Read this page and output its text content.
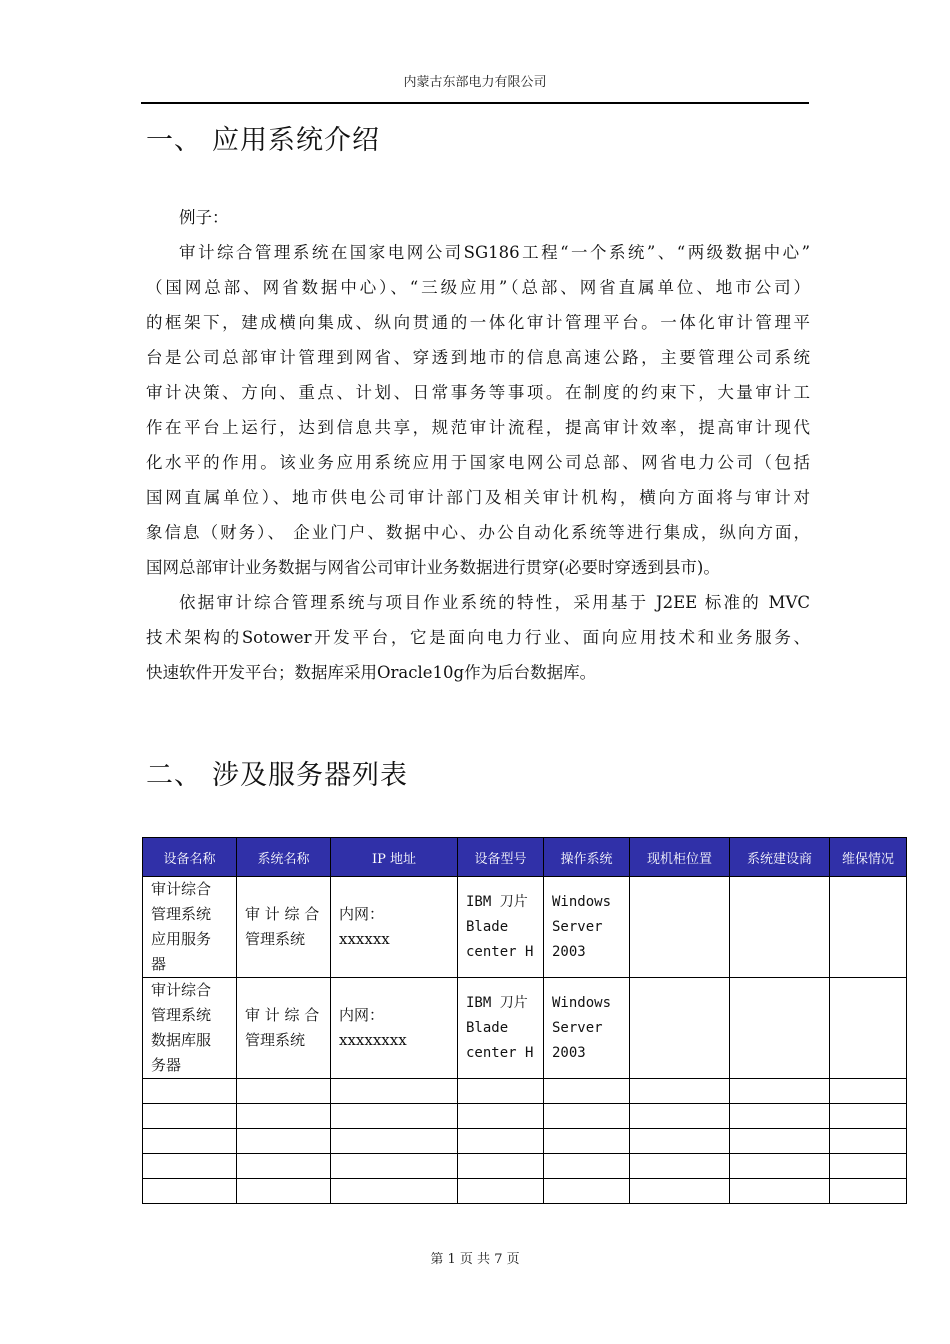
内蒙古东部电力有限公司
一、 应用系统介绍

例子：

审计综合管理系统在国家电网公司SG186工程“一个系统”、“两级数据中心”
（国网总部、网省数据中心）、“三级应用”（总部、网省直属单位、地市公司）
的框架下，建成横向集成、纵向贯通的一体化审计管理平台。一体化审计管理平
台是公司总部审计管理到网省、穿透到地市的信息高速公路，主要管理公司系统
审计决策、方向、重点、计划、日常事务等事项。在制度的约束下，大量审计工
作在平台上运行，达到信息共享，规范审计流程，提高审计效率，提高审计现代
化水平的作用。该业务应用系统应用于国家电网公司总部、网省电力公司（包括
国网直属单位）、地市供电公司审计部门及相关审计机构，横向方面将与审计对
象信息（财务）、 企业门户、数据中心、办公自动化系统等进行集成，纵向方面，
国网总部审计业务数据与网省公司审计业务数据进行贯穿(必要时穿透到县市)。
依据审计综合管理系统与项目作业系统的特性，采用基于 J2EE 标准的 MVC
技术架构的Sotower开发平台，它是面向电力行业、面向应用技术和业务服务、
快速软件开发平台；数据库采用Oracle10g作为后台数据库。
二、 涉及服务器列表
设备名称	系统名称	IP 地址	设备型号	操作系统	现机柜位置	系统建设商	维保情况
审计综合
管理系统
应用服务
器	审 计 综 合
管理系统	内网：
xxxxxx	IBM 刀片
Blade
center H	Windows
Server
2003			
审计综合
管理系统
数据库服
务器	审 计 综 合
管理系统	内网：
xxxxxxxx	IBM 刀片
Blade
center H	Windows
Server
2003			

第 1 页 共 7 页
